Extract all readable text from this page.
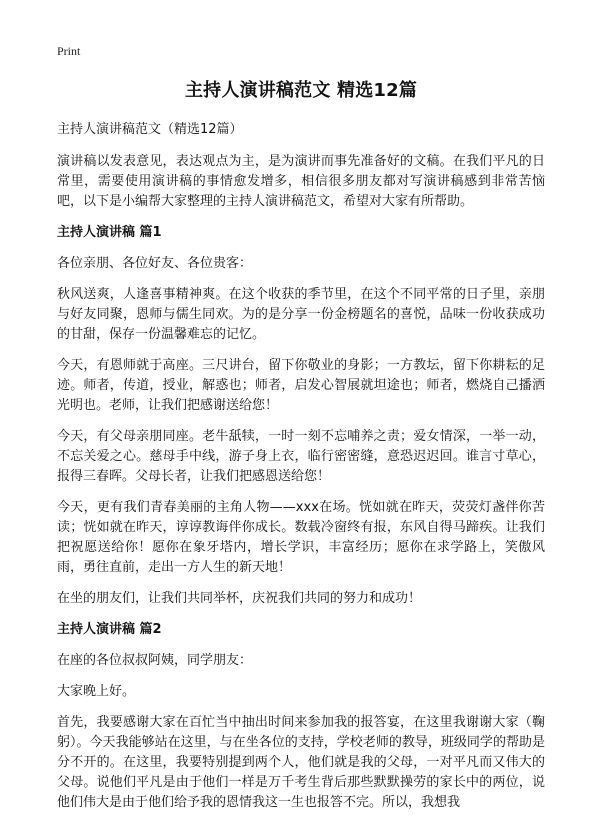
Print
主持人演讲稿范文 精选12篇

主持人演讲稿范文（精选12篇）

演讲稿以发表意见，表达观点为主，是为演讲而事先准备好的文稿。在我们平凡的日常里，需要使用演讲稿的事情愈发增多，相信很多朋友都对写演讲稿感到非常苦恼吧，以下是小编帮大家整理的主持人演讲稿范文，希望对大家有所帮助。

主持人演讲稿 篇1

各位亲朋、各位好友、各位贵客：

秋风送爽，人逢喜事精神爽。在这个收获的季节里，在这个不同平常的日子里，亲朋与好友同聚，恩师与儒生同欢。为的是分享一份金榜题名的喜悦，品味一份收获成功的甘甜，保存一份温馨难忘的记忆。

今天，有恩师就于高座。三尺讲台，留下你敬业的身影；一方教坛，留下你耕耘的足迹。师者，传道，授业，解惑也；师者，启发心智展就坦途也；师者，燃烧自己播洒光明也。老师，让我们把感谢送给您！

今天，有父母亲朋同座。老牛舐犊，一时一刻不忘哺养之责；爱女情深，一举一动，不忘关爱之心。慈母手中线，游子身上衣，临行密密缝，意恐迟迟回。谁言寸草心，报得三春晖。父母长者，让我们把感恩送给您！

今天，更有我们青春美丽的主角人物——xxx在场。恍如就在昨天，荧荧灯盏伴你苦读；恍如就在昨天，谆谆教诲伴你成长。数载冷窗终有报，东风自得马蹄疾。让我们把祝愿送给你！愿你在象牙塔内，增长学识，丰富经历；愿你在求学路上，笑傲风雨，勇往直前，走出一方人生的新天地！

在坐的朋友们，让我们共同举杯，庆祝我们共同的努力和成功！

主持人演讲稿 篇2

在座的各位叔叔阿姨，同学朋友：

大家晚上好。

首先，我要感谢大家在百忙当中抽出时间来参加我的报答宴，在这里我谢谢大家（鞠躬）。今天我能够站在这里，与在坐各位的支持，学校老师的教导，班级同学的帮助是分不开的。在这里，我要特别提到两个人，他们就是我的父母，一对平凡而又伟大的父母。说他们平凡是由于他们一样是万千考生背后那些默默操劳的家长中的两位，说他们伟大是由于他们给予我的恩情我这一生也报答不完。所以，我想我
